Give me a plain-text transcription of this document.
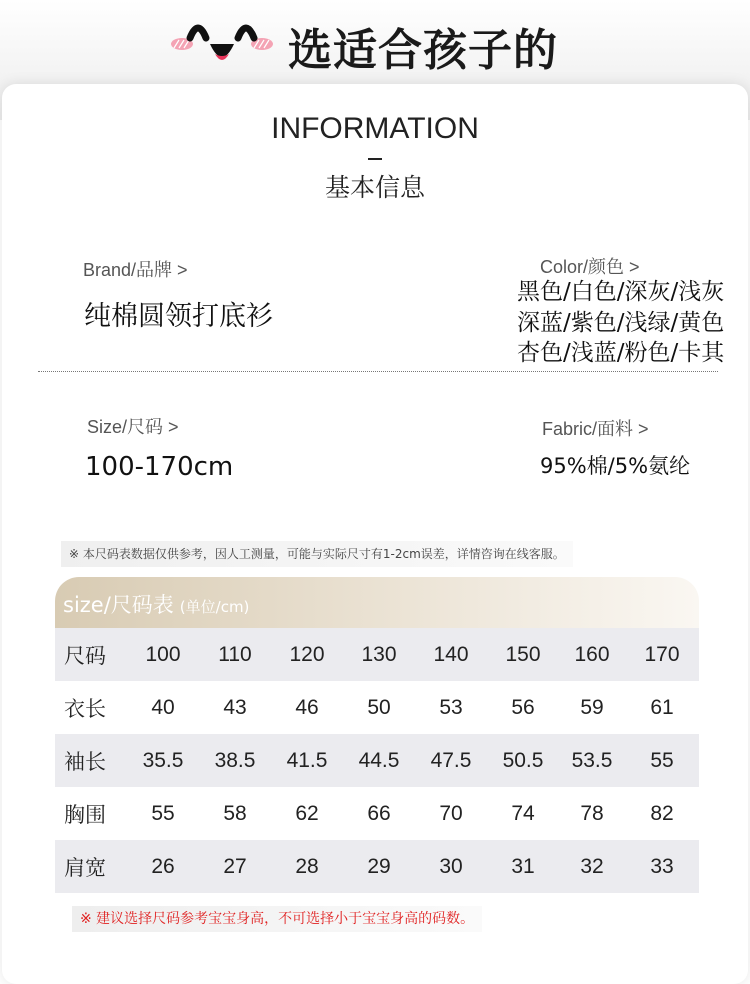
选适合孩子的
INFORMATION
基本信息
Brand/品牌 >
纯棉圆领打底衫
Color/颜色 >
黑色/白色/深灰/浅灰
深蓝/紫色/浅绿/黄色
杏色/浅蓝/粉色/卡其
Size/尺码 >
100-170cm
Fabric/面料 >
95%棉/5%氨纶
※ 本尺码表数据仅供参考，因人工测量，可能与实际尺寸有1-2cm误差，详情咨询在线客服。
size/尺码表 (单位/cm)
尺码	100	110	120	130	140	150	160	170
衣长	40	43	46	50	53	56	59	61
袖长	35.5	38.5	41.5	44.5	47.5	50.5	53.5	55
胸围	55	58	62	66	70	74	78	82
肩宽	26	27	28	29	30	31	32	33
※ 建议选择尺码参考宝宝身高，不可选择小于宝宝身高的码数。
